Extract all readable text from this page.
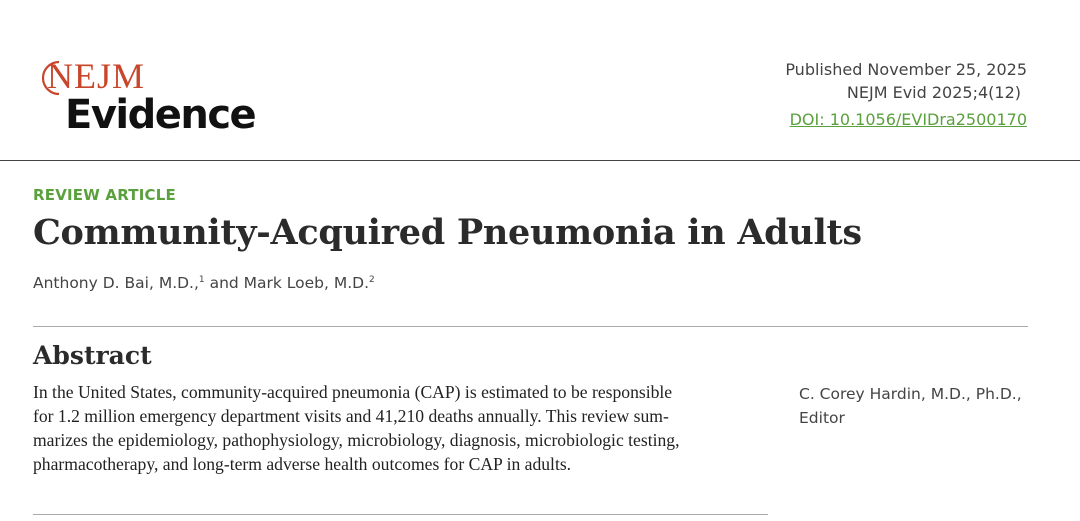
NEJM
Evidence
Published November 25, 2025
NEJM Evid 2025;4(12)
DOI: 10.1056/EVIDra2500170
REVIEW ARTICLE
Community-Acquired Pneumonia in Adults
Anthony D. Bai, M.D.,$^1$ and Mark Loeb, M.D.$^2$
Abstract
In the United States, community-acquired pneumonia (CAP) is estimated to be responsible
for 1.2 million emergency department visits and 41,210 deaths annually. This review sum-
marizes the epidemiology, pathophysiology, microbiology, diagnosis, microbiologic testing,
pharmacotherapy, and long-term adverse health outcomes for CAP in adults.
C. Corey Hardin, M.D., Ph.D.,
Editor
